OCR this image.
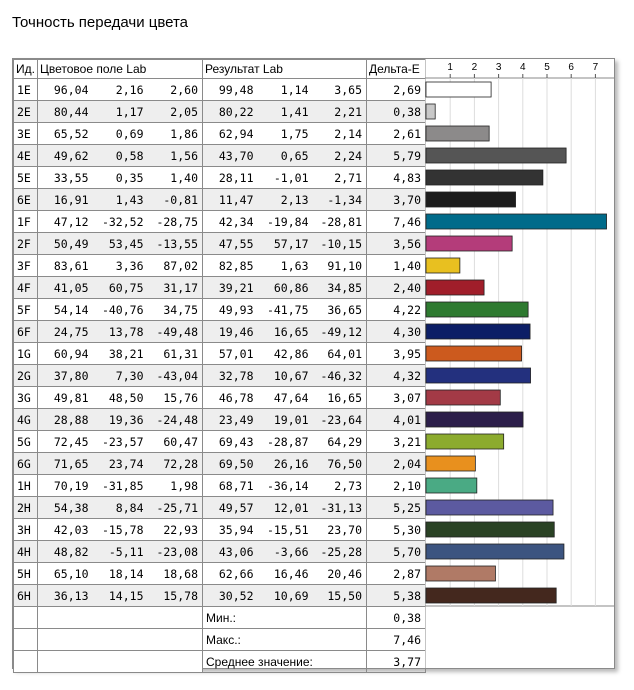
Точность передачи цвета
Ид.	Цветовое поле Lab			Результат Lab			Дельта-E
1E	96,04	2,16	2,60	99,48	1,14	3,65	2,69
2E	80,44	1,17	2,05	80,22	1,41	2,21	0,38
3E	65,52	0,69	1,86	62,94	1,75	2,14	2,61
4E	49,62	0,58	1,56	43,70	0,65	2,24	5,79
5E	33,55	0,35	1,40	28,11	-1,01	2,71	4,83
6E	16,91	1,43	-0,81	11,47	2,13	-1,34	3,70
1F	47,12	-32,52	-28,75	42,34	-19,84	-28,81	7,46
2F	50,49	53,45	-13,55	47,55	57,17	-10,15	3,56
3F	83,61	3,36	87,02	82,85	1,63	91,10	1,40
4F	41,05	60,75	31,17	39,21	60,86	34,85	2,40
5F	54,14	-40,76	34,75	49,93	-41,75	36,65	4,22
6F	24,75	13,78	-49,48	19,46	16,65	-49,12	4,30
1G	60,94	38,21	61,31	57,01	42,86	64,01	3,95
2G	37,80	7,30	-43,04	32,78	10,67	-46,32	4,32
3G	49,81	48,50	15,76	46,78	47,64	16,65	3,07
4G	28,88	19,36	-24,48	23,49	19,01	-23,64	4,01
5G	72,45	-23,57	60,47	69,43	-28,87	64,29	3,21
6G	71,65	23,74	72,28	69,50	26,16	76,50	2,04
1H	70,19	-31,85	1,98	68,71	-36,14	2,73	2,10
2H	54,38	8,84	-25,71	49,57	12,01	-31,13	5,25
3H	42,03	-15,78	22,93	35,94	-15,51	23,70	5,30
4H	48,82	-5,11	-23,08	43,06	-3,66	-25,28	5,70
5H	65,10	18,14	18,68	62,66	16,46	20,46	2,87
6H	36,13	14,15	15,78	30,52	10,69	15,50	5,38
				Мин.:			0,38
				Макс.:			7,46
				Среднее значение:			3,77
1 2 3 4 5 6 7
